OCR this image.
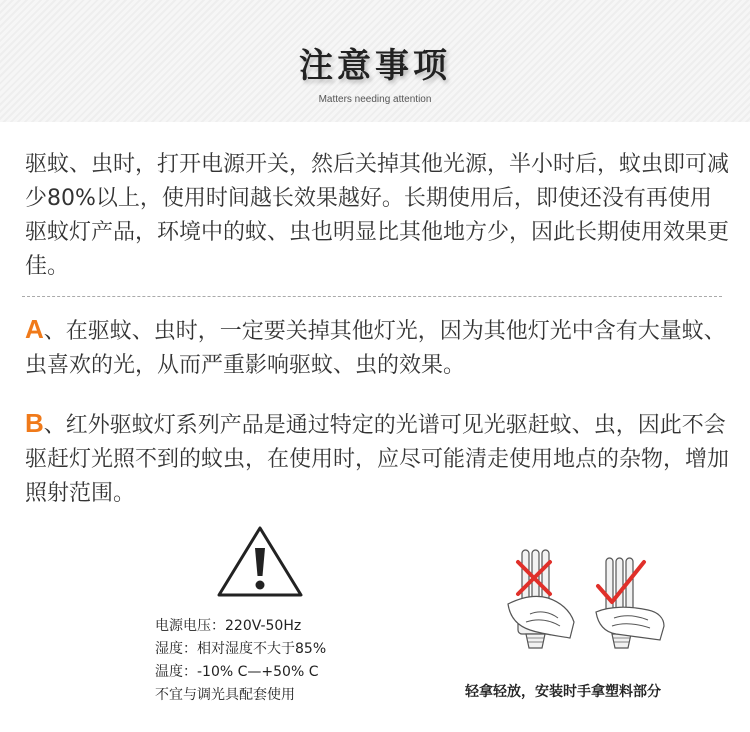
注意事项
Matters needing attention
驱蚊、虫时，打开电源开关，然后关掉其他光源，半小时后，蚊虫即可减少80%以上，使用时间越长效果越好。长期使用后，即使还没有再使用驱蚊灯产品，环境中的蚊、虫也明显比其他地方少，因此长期使用效果更佳。
A、在驱蚊、虫时，一定要关掉其他灯光，因为其他灯光中含有大量蚊、虫喜欢的光，从而严重影响驱蚊、虫的效果。
B、红外驱蚊灯系列产品是通过特定的光谱可见光驱赶蚊、虫，因此不会驱赶灯光照不到的蚊虫，在使用时，应尽可能清走使用地点的杂物，增加照射范围。
电源电压：220V-50Hz
湿度：相对湿度不大于85%
温度：-10% C—+50% C
不宜与调光具配套使用	轻拿轻放，安装时手拿塑料部分
